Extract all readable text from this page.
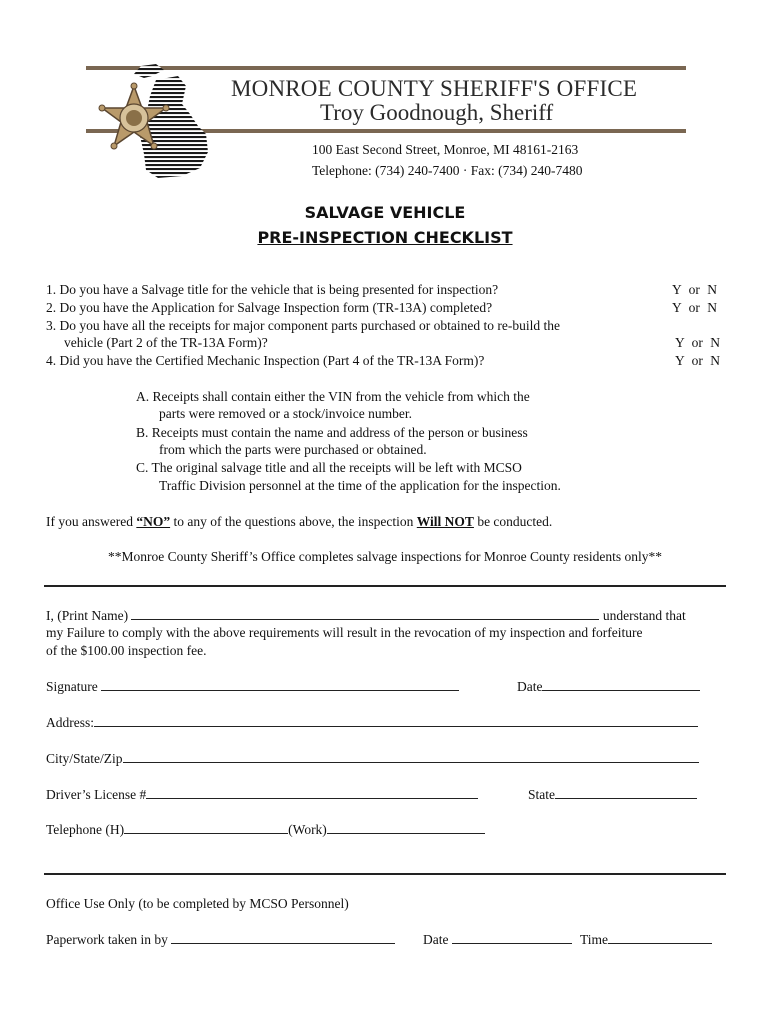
MONROE COUNTY SHERIFF'S OFFICE
Troy Goodnough, Sheriff
100 East Second Street, Monroe, MI 48161-2163
Telephone: (734) 240-7400 · Fax: (734) 240-7480
SALVAGE VEHICLE
PRE-INSPECTION CHECKLIST
1. Do you have a Salvage title for the vehicle that is being presented for inspection?	Y or N
2. Do you have the Application for Salvage Inspection form (TR-13A) completed?	Y or N
3. Do you have all the receipts for major component parts purchased or obtained to re-build the
vehicle (Part 2 of the TR-13A Form)?	Y or N
4. Did you have the Certified Mechanic Inspection (Part 4 of the TR-13A Form)?	Y or N
A. Receipts shall contain either the VIN from the vehicle from which the
parts were removed or a stock/invoice number.
B. Receipts must contain the name and address of the person or business
from which the parts were purchased or obtained.
C. The original salvage title and all the receipts will be left with MCSO
Traffic Division personnel at the time of the application for the inspection.
If you answered “NO” to any of the questions above, the inspection Will NOT be conducted.
**Monroe County Sheriff’s Office completes salvage inspections for Monroe County residents only**
I, (Print Name)	understand that
my Failure to comply with the above requirements will result in the revocation of my inspection and forfeiture
of the $100.00 inspection fee.
Signature	Date
Address:
City/State/Zip
Driver’s License #	State
Telephone (H)	(Work)
Office Use Only (to be completed by MCSO Personnel)
Paperwork taken in by	Date	Time
